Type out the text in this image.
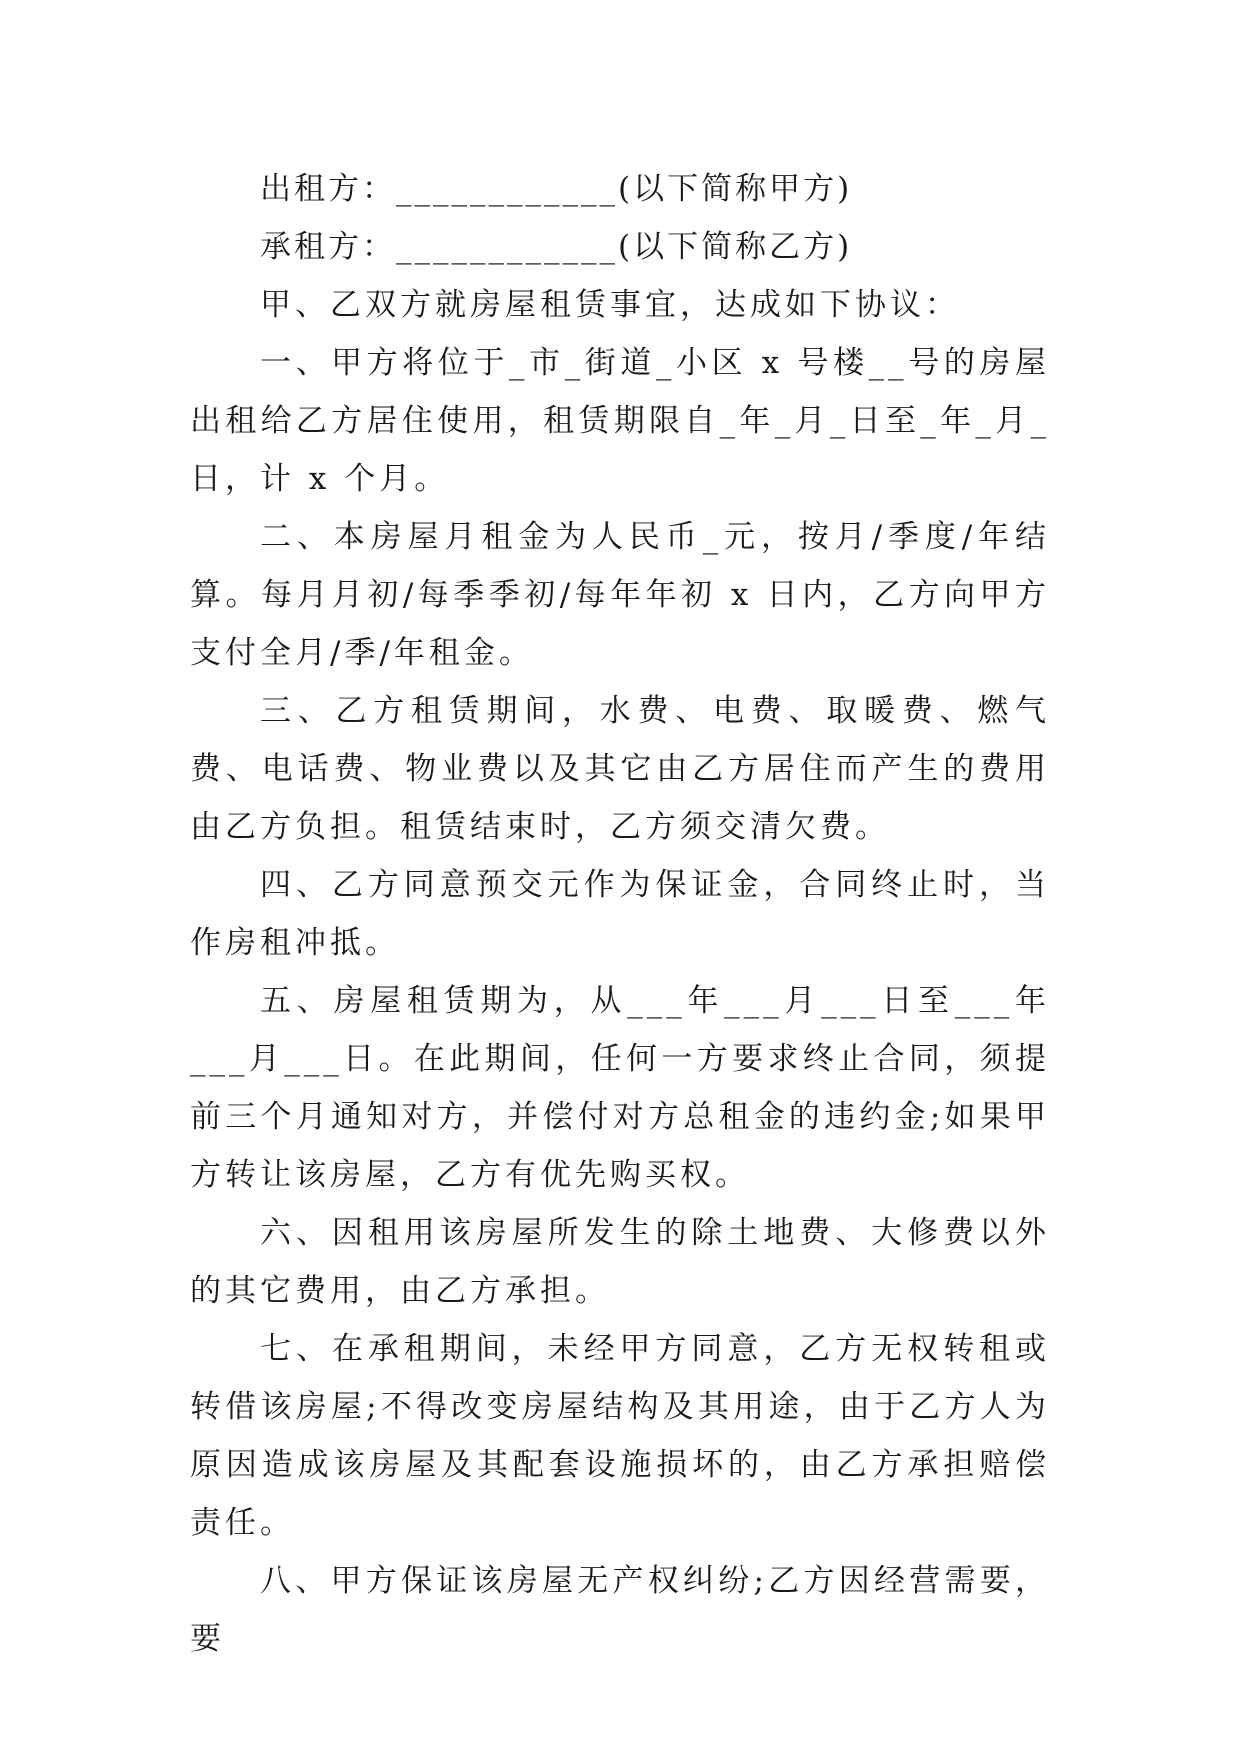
出租方：____________(以下简称甲方)

承租方：____________(以下简称乙方)

甲、乙双方就房屋租赁事宜，达成如下协议：

一、甲方将位于_市_街道_小区 x 号楼__号的房屋出租给乙方居住使用，租赁期限自_年_月_日至_年_月_日，计 x 个月。

二、本房屋月租金为人民币_元，按月/季度/年结算。每月月初/每季季初/每年年初 x 日内，乙方向甲方支付全月/季/年租金。

三、乙方租赁期间，水费、电费、取暖费、燃气费、电话费、物业费以及其它由乙方居住而产生的费用由乙方负担。租赁结束时，乙方须交清欠费。

四、乙方同意预交元作为保证金，合同终止时，当作房租冲抵。

五、房屋租赁期为，从___年___月___日至___年___月___日。在此期间，任何一方要求终止合同，须提前三个月通知对方，并偿付对方总租金的违约金;如果甲方转让该房屋，乙方有优先购买权。

六、因租用该房屋所发生的除土地费、大修费以外的其它费用，由乙方承担。

七、在承租期间，未经甲方同意，乙方无权转租或转借该房屋;不得改变房屋结构及其用途，由于乙方人为原因造成该房屋及其配套设施损坏的，由乙方承担赔偿责任。

八、甲方保证该房屋无产权纠纷;乙方因经营需要，要
